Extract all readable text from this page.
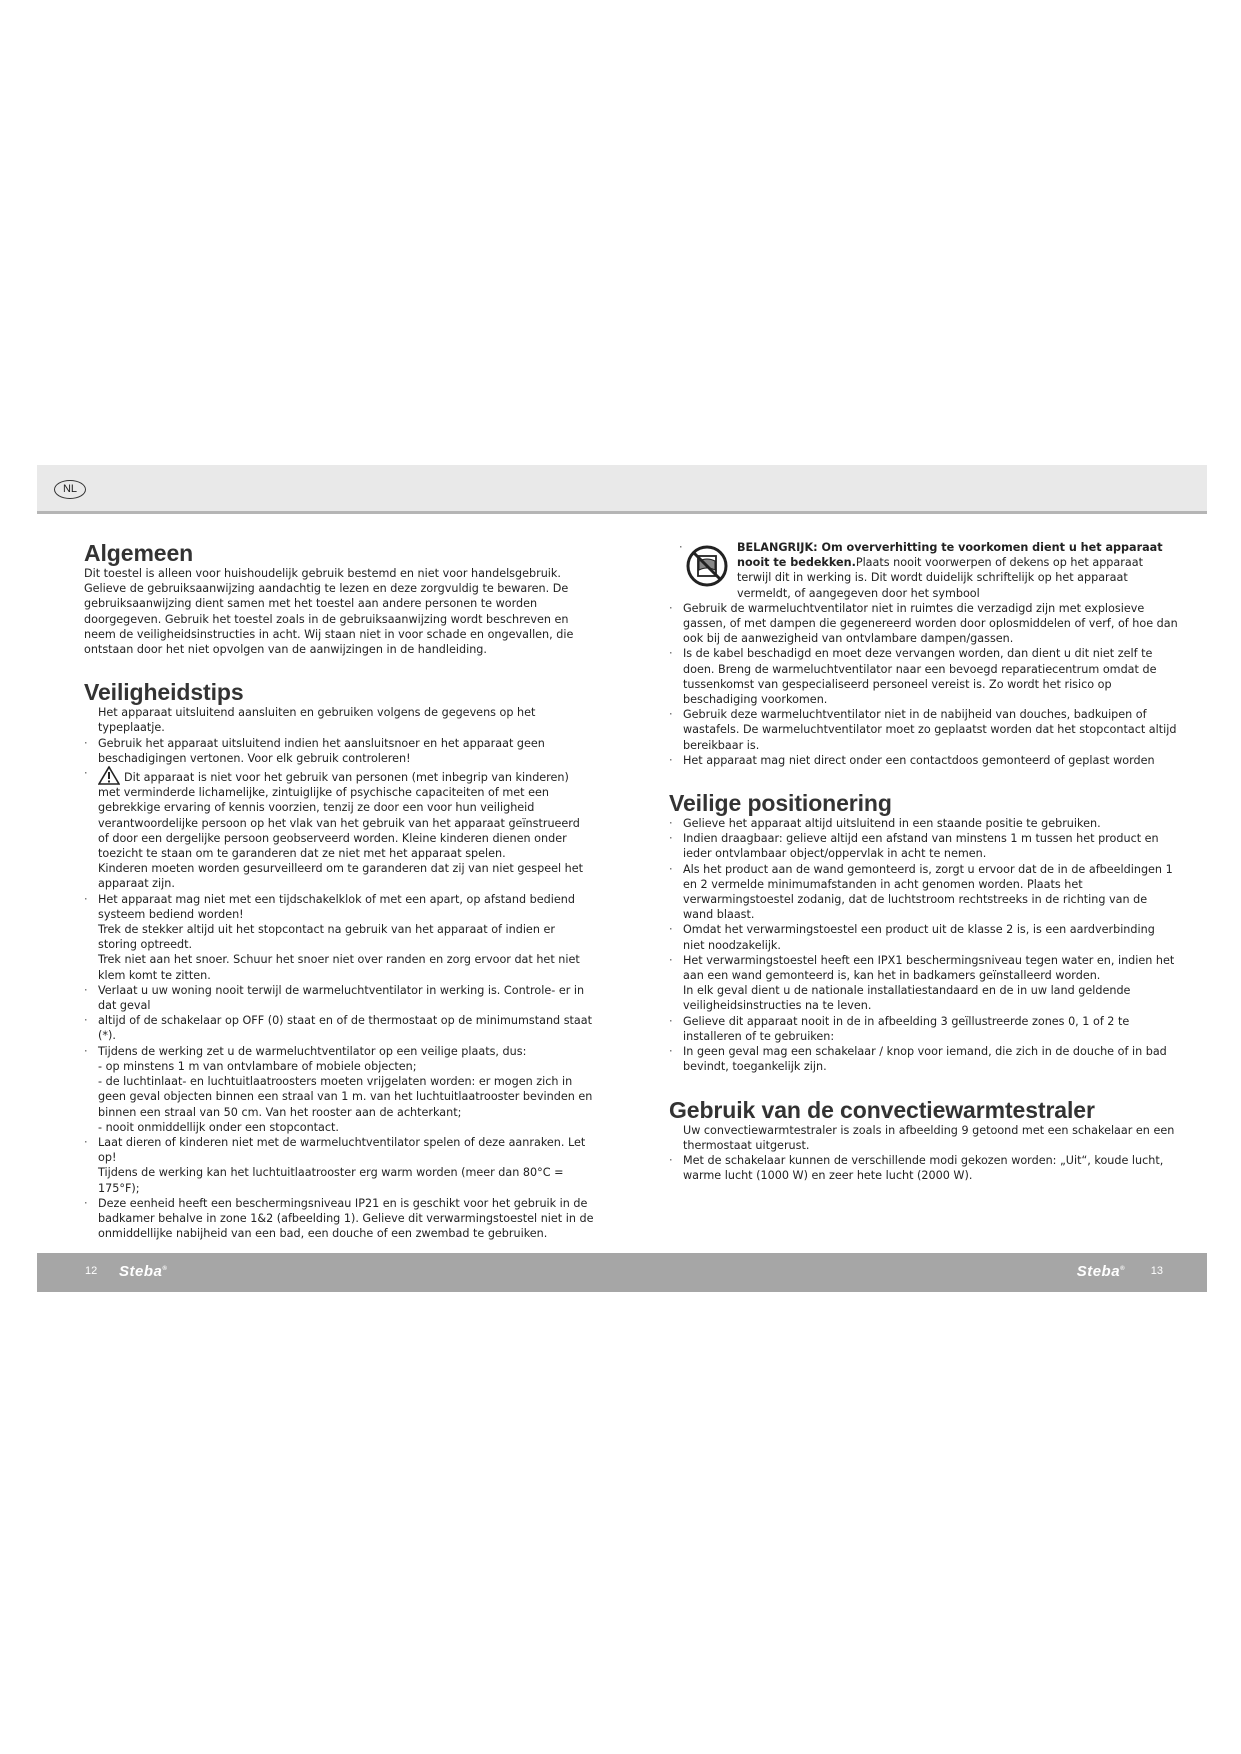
NL
Algemeen

Dit toestel is alleen voor huishoudelijk gebruik bestemd en niet voor handelsgebruik. Gelieve de gebruiksaanwijzing aandachtig te lezen en deze zorgvuldig te bewaren. De gebruiksaanwijzing dient samen met het toestel aan andere personen te worden doorgegeven. Gebruik het toestel zoals in de gebruiksaanwijzing wordt beschreven en neem de veiligheidsinstructies in acht. Wij staan niet in voor schade en ongevallen, die ontstaan door het niet opvolgen van de aanwijzingen in de handleiding.

Veiligheidstips
Het apparaat uitsluitend aansluiten en gebruiken volgens de gegevens op het typeplaatje.
· Gebruik het apparaat uitsluitend indien het aansluitsnoer en het apparaat geen beschadigingen vertonen. Voor elk gebruik controleren!
· Dit apparaat is niet voor het gebruik van personen (met inbegrip van kinderen) met verminderde lichamelijke, zintuiglijke of psychische capaciteiten of met een gebrekkige ervaring of kennis voorzien, tenzij ze door een voor hun veiligheid verantwoordelijke persoon op het vlak van het gebruik van het apparaat geïnstrueerd of door een dergelijke persoon geobserveerd worden. Kleine kinderen dienen onder toezicht te staan om te garanderen dat ze niet met het apparaat spelen.
Kinderen moeten worden gesurveilleerd om te garanderen dat zij van niet gespeel het apparaat zijn.
· Het apparaat mag niet met een tijdschakelklok of met een apart, op afstand bediend systeem bediend worden!
Trek de stekker altijd uit het stopcontact na gebruik van het apparaat of indien er storing optreedt.
Trek niet aan het snoer. Schuur het snoer niet over randen en zorg ervoor dat het niet klem komt te zitten.
· Verlaat u uw woning nooit terwijl de warmeluchtventilator in werking is. Controle- er in dat geval
· altijd of de schakelaar op OFF (0) staat en of de thermostaat op de minimumstand staat (*).
· Tijdens de werking zet u de warmeluchtventilator op een veilige plaats, dus:
- op minstens 1 m van ontvlambare of mobiele objecten;
- de luchtinlaat- en luchtuitlaatroosters moeten vrijgelaten worden: er mogen zich in geen geval objecten binnen een straal van 1 m. van het luchtuitlaatrooster bevinden en binnen een straal van 50 cm. Van het rooster aan de achterkant;
- nooit onmiddellijk onder een stopcontact.
· Laat dieren of kinderen niet met de warmeluchtventilator spelen of deze aanraken. Let op!
Tijdens de werking kan het luchtuitlaatrooster erg warm worden (meer dan 80°C = 175°F);
· Deze eenheid heeft een beschermingsniveau IP21 en is geschikt voor het gebruik in de badkamer behalve in zone 1&2 (afbeelding 1). Gelieve dit verwarmingstoestel niet in de onmiddellijke nabijheid van een bad, een douche of een zwembad te gebruiken.
·	BELANGRIJK: Om oververhitting te voorkomen dient u het apparaat nooit te bedekken.Plaats nooit voorwerpen of dekens op het apparaat terwijl dit in werking is. Dit wordt duidelijk schriftelijk op het apparaat vermeldt, of aangegeven door het symbool
· Gebruik de warmeluchtventilator niet in ruimtes die verzadigd zijn met explosieve gassen, of met dampen die gegenereerd worden door oplosmiddelen of verf, of hoe dan ook bij de aanwezigheid van ontvlambare dampen/gassen.
· Is de kabel beschadigd en moet deze vervangen worden, dan dient u dit niet zelf te doen. Breng de warmeluchtventilator naar een bevoegd reparatiecentrum omdat de tussenkomst van gespecialiseerd personeel vereist is. Zo wordt het risico op beschadiging voorkomen.
· Gebruik deze warmeluchtventilator niet in de nabijheid van douches, badkuipen of wastafels. De warmeluchtventilator moet zo geplaatst worden dat het stopcontact altijd bereikbaar is.
· Het apparaat mag niet direct onder een contactdoos gemonteerd of geplast worden
Veilige positionering
· Gelieve het apparaat altijd uitsluitend in een staande positie te gebruiken.
· Indien draagbaar: gelieve altijd een afstand van minstens 1 m tussen het product en ieder ontvlambaar object/oppervlak in acht te nemen.
· Als het product aan de wand gemonteerd is, zorgt u ervoor dat de in de afbeeldingen 1 en 2 vermelde minimumafstanden in acht genomen worden. Plaats het verwarmingstoestel zodanig, dat de luchtstroom rechtstreeks in de richting van de wand blaast.
· Omdat het verwarmingstoestel een product uit de klasse 2 is, is een aardverbinding niet noodzakelijk.
· Het verwarmingstoestel heeft een IPX1 beschermingsniveau tegen water en, indien het aan een wand gemonteerd is, kan het in badkamers geïnstalleerd worden.
In elk geval dient u de nationale installatiestandaard en de in uw land geldende veiligheidsinstructies na te leven.
· Gelieve dit apparaat nooit in de in afbeelding 3 geïllustreerde zones 0, 1 of 2 te installeren of te gebruiken:
· In geen geval mag een schakelaar / knop voor iemand, die zich in de douche of in bad bevindt, toegankelijk zijn.
Gebruik van de convectiewarmtestraler
Uw convectiewarmtestraler is zoals in afbeelding 9 getoond met een schakelaar en een thermostaat uitgerust.
· Met de schakelaar kunnen de verschillende modi gekozen worden: „Uit“, koude lucht, warme lucht (1000 W) en zeer hete lucht (2000 W).
12 Steba®	Steba® 13
